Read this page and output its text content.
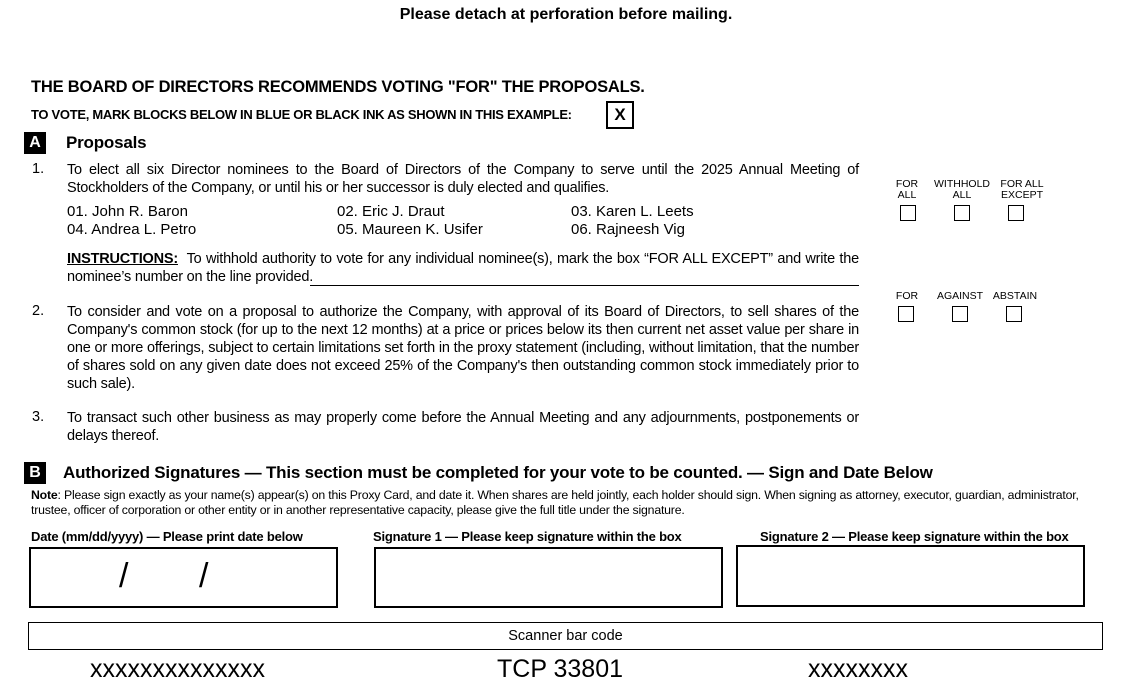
Please detach at perforation before mailing.
THE BOARD OF DIRECTORS RECOMMENDS VOTING "FOR" THE PROPOSALS.
TO VOTE, MARK BLOCKS BELOW IN BLUE OR BLACK INK AS SHOWN IN THIS EXAMPLE:	X
A	Proposals
1. To elect all six Director nominees to the Board of Directors of the Company to serve until the 2025 Annual Meeting of Stockholders of the Company, or until his or her successor is duly elected and qualifies.
01. John R. Baron	02. Eric J. Draut	03. Karen L. Leets
04. Andrea L. Petro	05. Maureen K. Usifer	06. Rajneesh Vig
INSTRUCTIONS: To withhold authority to vote for any individual nominee(s), mark the box “FOR ALL EXCEPT” and write the nominee’s number on the line provided.
FOR
ALL
WITHHOLD
ALL
FOR ALL
EXCEPT
2. To consider and vote on a proposal to authorize the Company, with approval of its Board of Directors, to sell shares of the Company's common stock (for up to the next 12 months) at a price or prices below its then current net asset value per share in one or more offerings, subject to certain limitations set forth in the proxy statement (including, without limitation, that the number of shares sold on any given date does not exceed 25% of the Company's then outstanding common stock immediately prior to such sale).
FOR	AGAINST ABSTAIN
3. To transact such other business as may properly come before the Annual Meeting and any adjournments, postponements or delays thereof.
B	Authorized Signatures — This section must be completed for your vote to be counted. — Sign and Date Below
Note: Please sign exactly as your name(s) appear(s) on this Proxy Card, and date it. When shares are held jointly, each holder should sign. When signing as attorney, executor, guardian, administrator, trustee, officer of corporation or other entity or in another representative capacity, please give the full title under the signature.
Date (mm/dd/yyyy) — Please print date below	Signature 1 — Please keep signature within the box	Signature 2 — Please keep signature within the box
/ /
Scanner bar code
xxxxxxxxxxxxxx	TCP 33801	xxxxxxxx
